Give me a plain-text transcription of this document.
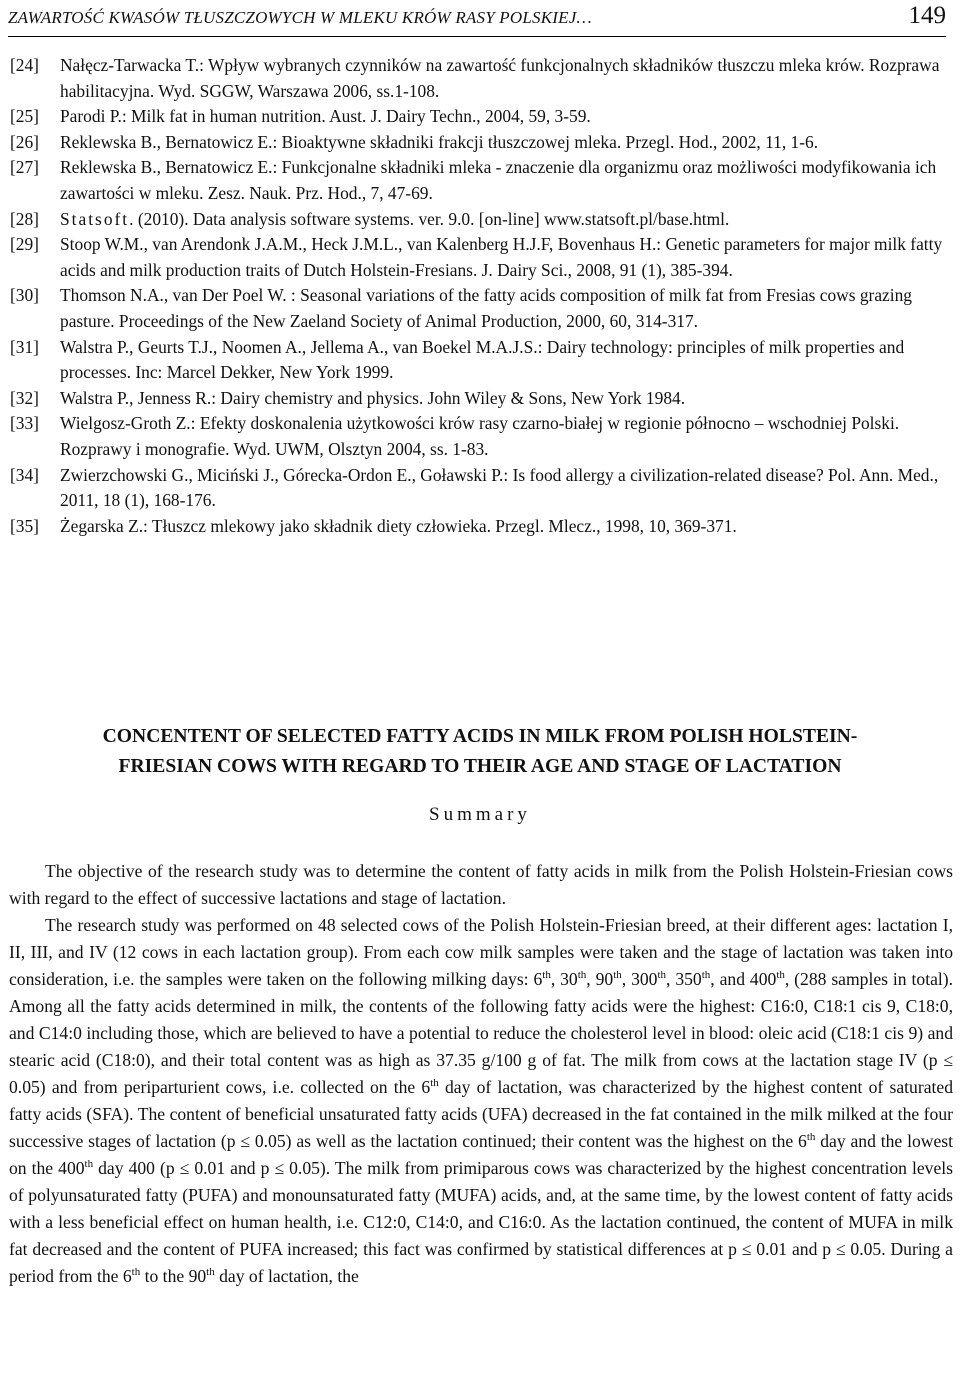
ZAWARTOŚĆ KWASÓW TŁUSZCZOWYCH W MLEKU KRÓW RASY POLSKIEJ…	149
[24]	Nałęcz-Tarwacka T.: Wpływ wybranych czynników na zawartość funkcjonalnych składników tłuszczu mleka krów. Rozprawa habilitacyjna. Wyd. SGGW, Warszawa 2006, ss.1-108.
[25]	Parodi P.: Milk fat in human nutrition. Aust. J. Dairy Techn., 2004, 59, 3-59.
[26]	Reklewska B., Bernatowicz E.: Bioaktywne składniki frakcji tłuszczowej mleka. Przegl. Hod., 2002, 11, 1-6.
[27]	Reklewska B., Bernatowicz E.: Funkcjonalne składniki mleka - znaczenie dla organizmu oraz możliwości modyfikowania ich zawartości w mleku. Zesz. Nauk. Prz. Hod., 7, 47-69.
[28]	Statsoft. (2010). Data analysis software systems. ver. 9.0. [on-line] www.statsoft.pl/base.html.
[29]	Stoop W.M., van Arendonk J.A.M., Heck J.M.L., van Kalenberg H.J.F, Bovenhaus H.: Genetic parameters for major milk fatty acids and milk production traits of Dutch Holstein-Fresians. J. Dairy Sci., 2008, 91 (1), 385-394.
[30]	Thomson N.A., van Der Poel W. : Seasonal variations of the fatty acids composition of milk fat from Fresias cows grazing pasture. Proceedings of the New Zaeland Society of Animal Production, 2000, 60, 314-317.
[31]	Walstra P., Geurts T.J., Noomen A., Jellema A., van Boekel M.A.J.S.: Dairy technology: principles of milk properties and processes. Inc: Marcel Dekker, New York 1999.
[32]	Walstra P., Jenness R.: Dairy chemistry and physics. John Wiley & Sons, New York 1984.
[33]	Wielgosz-Groth Z.: Efekty doskonalenia użytkowości krów rasy czarno-białej w regionie północno – wschodniej Polski. Rozprawy i monografie. Wyd. UWM, Olsztyn 2004, ss. 1-83.
[34]	Zwierzchowski G., Miciński J., Górecka-Ordon E., Goławski P.: Is food allergy a civilization-related disease? Pol. Ann. Med., 2011, 18 (1), 168-176.
[35]	Żegarska Z.: Tłuszcz mlekowy jako składnik diety człowieka. Przegl. Mlecz., 1998, 10, 369-371.
CONCENTENT OF SELECTED FATTY ACIDS IN MILK FROM POLISH HOLSTEIN-
FRIESIAN COWS WITH REGARD TO THEIR AGE AND STAGE OF LACTATION
Summary

The objective of the research study was to determine the content of fatty acids in milk from the Polish Holstein-Friesian cows with regard to the effect of successive lactations and stage of lactation.

The research study was performed on 48 selected cows of the Polish Holstein-Friesian breed, at their different ages: lactation I, II, III, and IV (12 cows in each lactation group). From each cow milk samples were taken and the stage of lactation was taken into consideration, i.e. the samples were taken on the following milking days: 6th, 30th, 90th, 300th, 350th, and 400th, (288 samples in total). Among all the fatty acids determined in milk, the contents of the following fatty acids were the highest: C16:0, C18:1 cis 9, C18:0, and C14:0 including those, which are believed to have a potential to reduce the cholesterol level in blood: oleic acid (C18:1 cis 9) and stearic acid (C18:0), and their total content was as high as 37.35 g/100 g of fat. The milk from cows at the lactation stage IV (p ≤ 0.05) and from periparturient cows, i.e. collected on the 6th day of lactation, was characterized by the highest content of saturated fatty acids (SFA). The content of beneficial unsaturated fatty acids (UFA) decreased in the fat contained in the milk milked at the four successive stages of lactation (p ≤ 0.05) as well as the lactation continued; their content was the highest on the 6th day and the lowest on the 400th day 400 (p ≤ 0.01 and p ≤ 0.05). The milk from primiparous cows was characterized by the highest concentration levels of polyunsaturated fatty (PUFA) and monounsaturated fatty (MUFA) acids, and, at the same time, by the lowest content of fatty acids with a less beneficial effect on human health, i.e. C12:0, C14:0, and C16:0. As the lactation continued, the content of MUFA in milk fat decreased and the content of PUFA increased; this fact was confirmed by statistical differences at p ≤ 0.01 and p ≤ 0.05. During a period from the 6th to the 90th day of lactation, the
